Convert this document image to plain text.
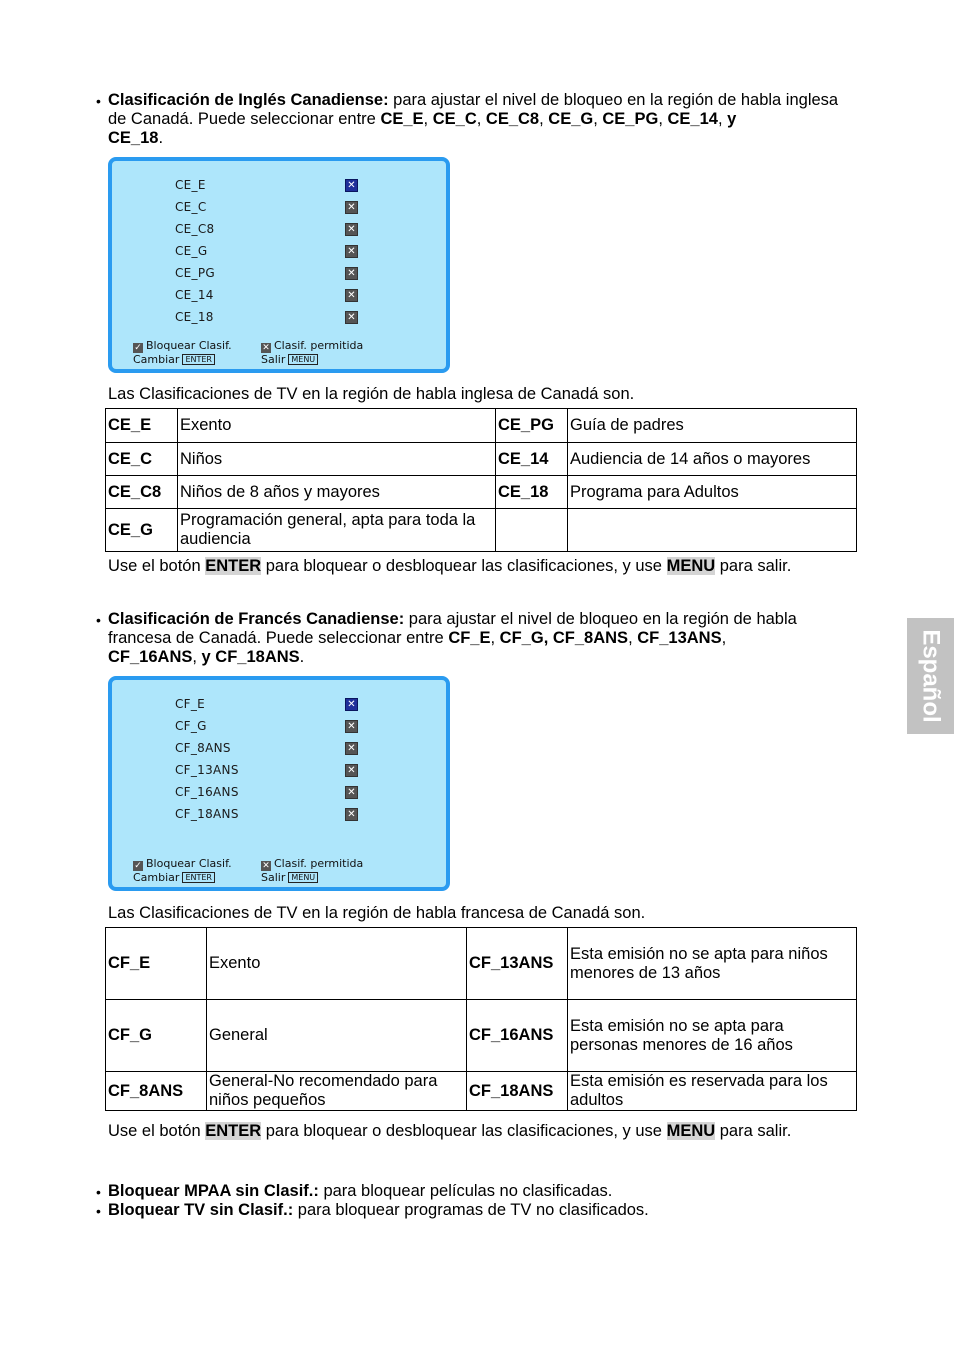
Español
• Clasificación de Inglés Canadiense: para ajustar el nivel de bloqueo en la región de habla inglesa de Canadá. Puede seleccionar entre CE_E, CE_C, CE_C8, CE_G, CE_PG, CE_14, y
CE_18.
CE_E	✕
CE_C	✕
CE_C8	✕
CE_G	✕
CE_PG	✕
CE_14	✕
CE_18	✕
✓ Bloquear Clasif.
Cambiar ENTER
✕ Clasif. permitida
Salir MENU
Las Clasificaciones de TV en la región de habla inglesa de Canadá son.
CE_E	Exento	CE_PG	Guía de padres
CE_C	Niños	CE_14	Audiencia de 14 años o mayores
CE_C8	Niños de 8 años y mayores	CE_18	Programa para Adultos
CE_G	Programación general, apta para toda la audiencia		
Use el botón ENTER para bloquear o desbloquear las clasificaciones, y use MENU para salir.
• Clasificación de Francés Canadiense: para ajustar el nivel de bloqueo en la región de habla francesa de Canadá. Puede seleccionar entre CF_E, CF_G, CF_8ANS, CF_13ANS,
CF_16ANS, y CF_18ANS.
CF_E	✕
CF_G	✕
CF_8ANS	✕
CF_13ANS	✕
CF_16ANS	✕
CF_18ANS	✕
✓ Bloquear Clasif.
Cambiar ENTER
✕ Clasif. permitida
Salir MENU
Las Clasificaciones de TV en la región de habla francesa de Canadá son.
CF_E	Exento	CF_13ANS	Esta emisión no se apta para niños menores de 13 años
CF_G	General	CF_16ANS	Esta emisión no se apta para personas menores de 16 años
CF_8ANS	General-No recomendado para niños pequeños	CF_18ANS	Esta emisión es reservada para los adultos
Use el botón ENTER para bloquear o desbloquear las clasificaciones, y use MENU para salir.
• Bloquear MPAA sin Clasif.: para bloquear películas no clasificadas.
• Bloquear TV sin Clasif.: para bloquear programas de TV no clasificados.
